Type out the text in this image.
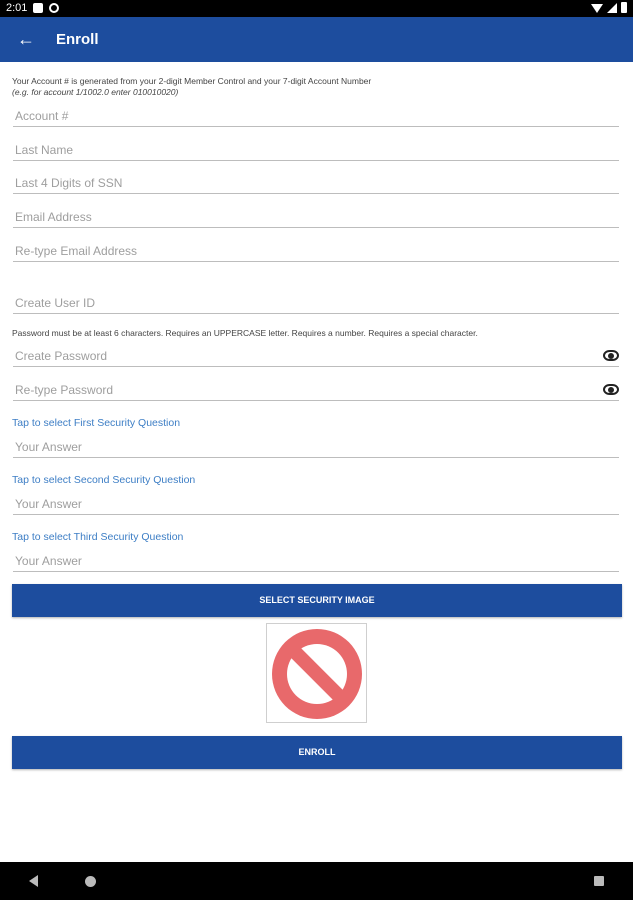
2:01
← Enroll
Your Account # is generated from your 2-digit Member Control and your 7-digit Account Number
(e.g. for account 1/1002.0 enter 010010020)
Account #
Last Name
Last 4 Digits of SSN
Email Address
Re-type Email Address
Create User ID
Password must be at least 6 characters. Requires an UPPERCASE letter. Requires a number. Requires a special character.
Tap to select First Security Question
Your Answer
Tap to select Second Security Question
Your Answer
Tap to select Third Security Question
Your Answer
SELECT SECURITY IMAGE
ENROLL
